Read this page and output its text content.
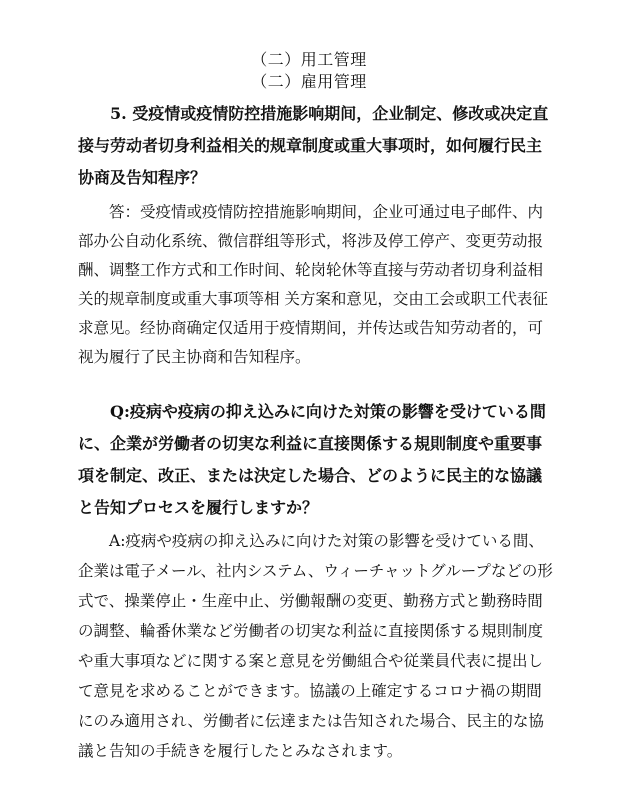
（二）用工管理
（二）雇用管理

5. 受疫情或疫情防控措施影响期间，企业制定、修改或决定直接与劳动者切身利益相关的规章制度或重大事项时，如何履行民主协商及告知程序？

答：受疫情或疫情防控措施影响期间，企业可通过电子邮件、内部办公自动化系统、微信群组等形式，将涉及停工停产、变更劳动报酬、调整工作方式和工作时间、轮岗轮休等直接与劳动者切身利益相关的规章制度或重大事项等相 关方案和意见，交由工会或职工代表征求意见。经协商确定仅适用于疫情期间，并传达或告知劳动者的，可视为履行了民主协商和告知程序。

Q:疫病や疫病の抑え込みに向けた対策の影響を受けている間に、企業が労働者の切実な利益に直接関係する規則制度や重要事項を制定、改正、または決定した場合、どのように民主的な協議と告知プロセスを履行しますか？

A:疫病や疫病の抑え込みに向けた対策の影響を受けている間、企業は電子メール、社内システム、ウィーチャットグループなどの形式で、操業停止・生産中止、労働報酬の変更、勤務方式と勤務時間の調整、輪番休業など労働者の切実な利益に直接関係する規則制度や重大事項などに関する案と意見を労働組合や従業員代表に提出して意見を求めることができます。協議の上確定するコロナ禍の期間にのみ適用され、労働者に伝達または告知された場合、民主的な協議と告知の手続きを履行したとみなされます。
